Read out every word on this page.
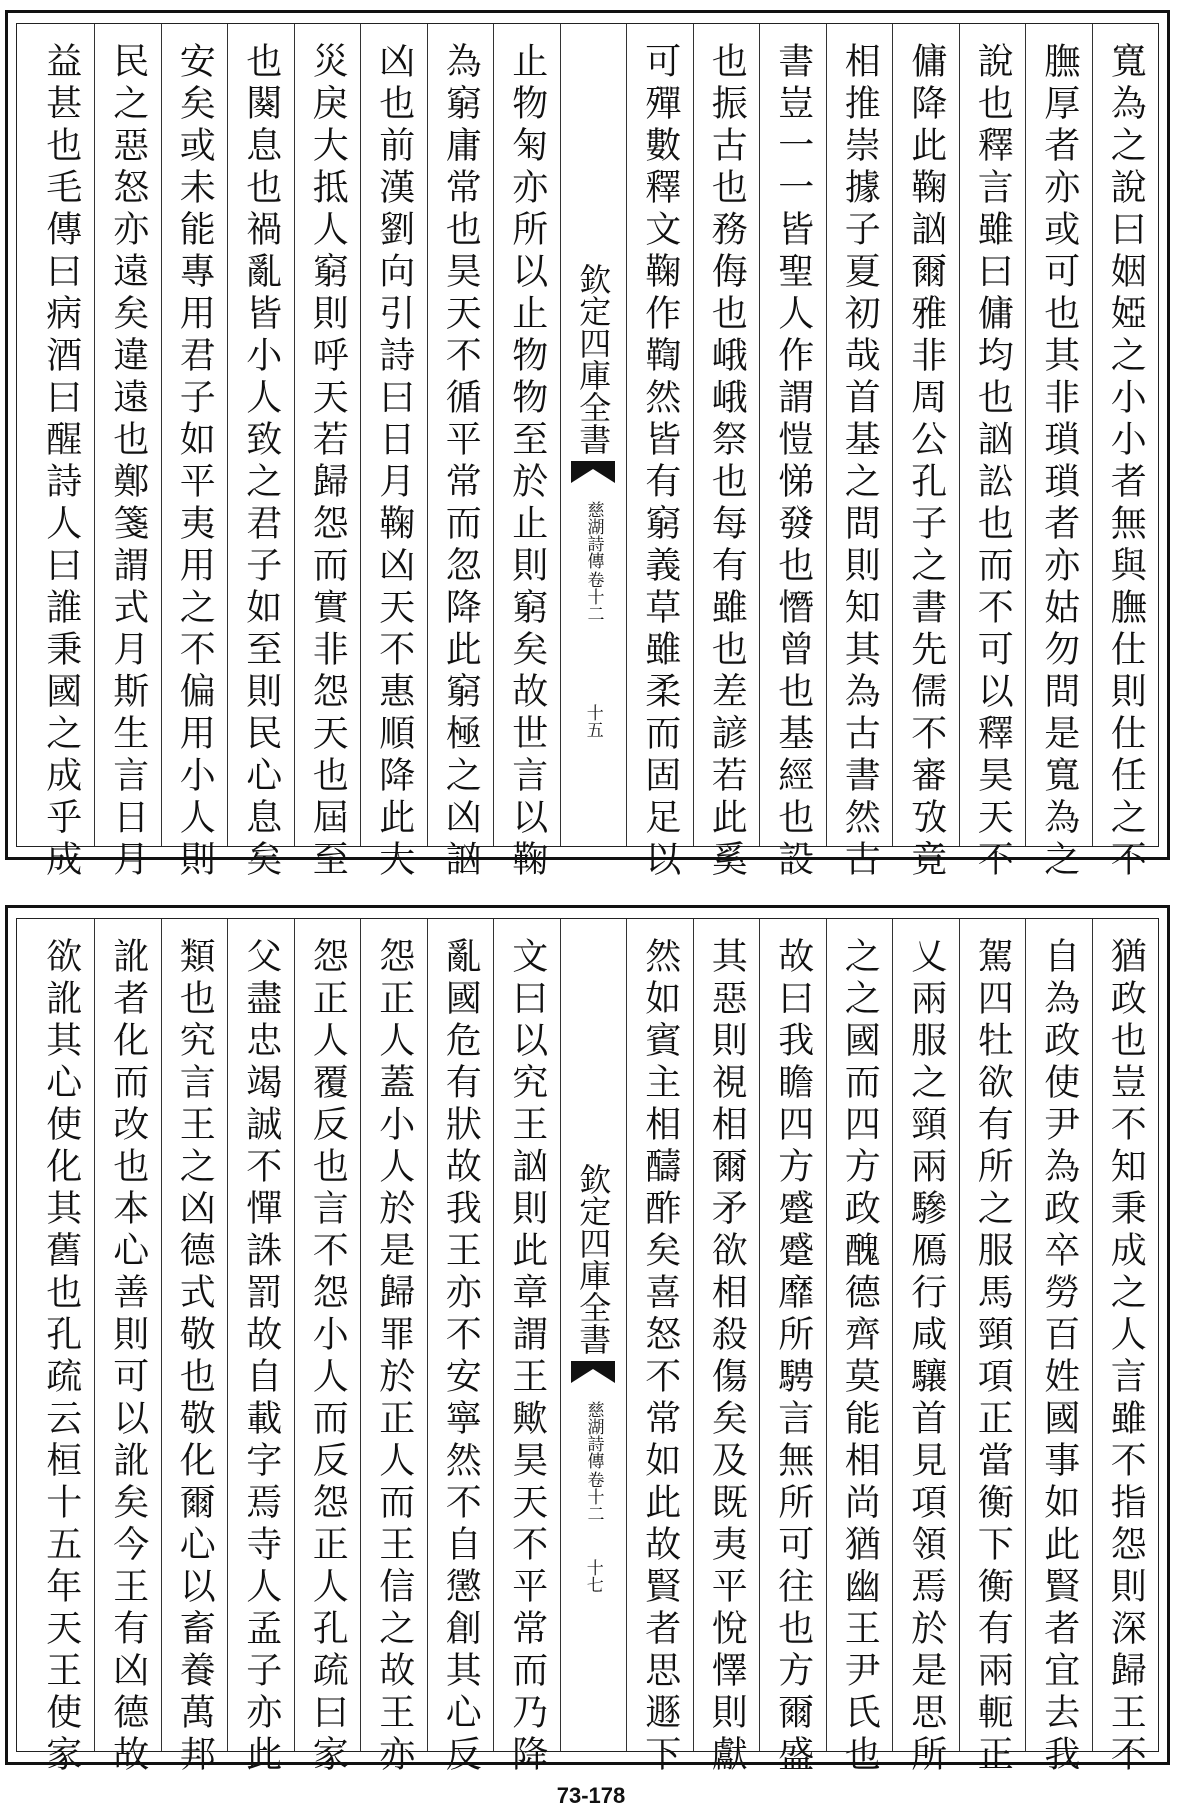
寬為之說曰姻婭之小小者無與膴仕則仕任之不
膴厚者亦或可也其非瑣瑣者亦姑勿問是寬為之
說也釋言雖曰傭均也訩訟也而不可以釋昊天不
傭降此鞠訩爾雅非周公孔子之書先儒不審攷竟
相推崇據子夏初哉首基之問則知其為古書然古
書豈一一皆聖人作謂愷悌發也憯曾也基經也設
也振古也務侮也峨峨祭也每有雖也差諺若此奚
可殫數釋文鞠作鞫然皆有窮義草雖柔而固足以
欽定四庫全書
慈湖詩傳
卷十二
十五
止物匊亦所以止物物至於止則窮矣故世言以鞠
為窮庸常也昊天不循平常而忽降此窮極之凶訩
凶也前漢劉向引詩曰日月鞠凶天不惠順降此大
災戾大抵人窮則呼天若歸怨而實非怨天也屆至
也闋息也禍亂皆小人致之君子如至則民心息矣
安矣或未能專用君子如平夷用之不偏用小人則
民之惡怒亦遠矣違遠也鄭箋謂式月斯生言日月
益甚也毛傳曰病酒曰醒詩人曰誰秉國之成乎成
猶政也豈不知秉成之人言雖不指怨則深歸王不
自為政使尹為政卒勞百姓國事如此賢者宜去我
駕四牡欲有所之服馬頸項正當衡下衡有兩軛正
乂兩服之頸兩驂鴈行咸驤首見項領焉於是思所
之之國而四方政醜德齊莫能相尚猶幽王尹氏也
故曰我瞻四方蹙蹙靡所騁言無所可往也方爾盛
其惡則視相爾矛欲相殺傷矣及既夷平悅懌則獻
然如賓主相醻酢矣喜怒不常如此故賢者思遯下
欽定四庫全書
慈湖詩傳
卷十二
十七
文曰以究王訩則此章謂王歟昊天不平常而乃降
亂國危有狀故我王亦不安寧然不自懲創其心反
怨正人蓋小人於是歸罪於正人而王信之故王亦
怨正人覆反也言不怨小人而反怨正人孔疏曰家
父盡忠竭誠不憚誅罰故自載字焉寺人孟子亦此
類也究言王之凶德式敬也敬化爾心以畜養萬邦
訛者化而改也本心善則可以訛矣今王有凶德故
欲訛其心使化其舊也孔疏云桓十五年天王使家
73-178
